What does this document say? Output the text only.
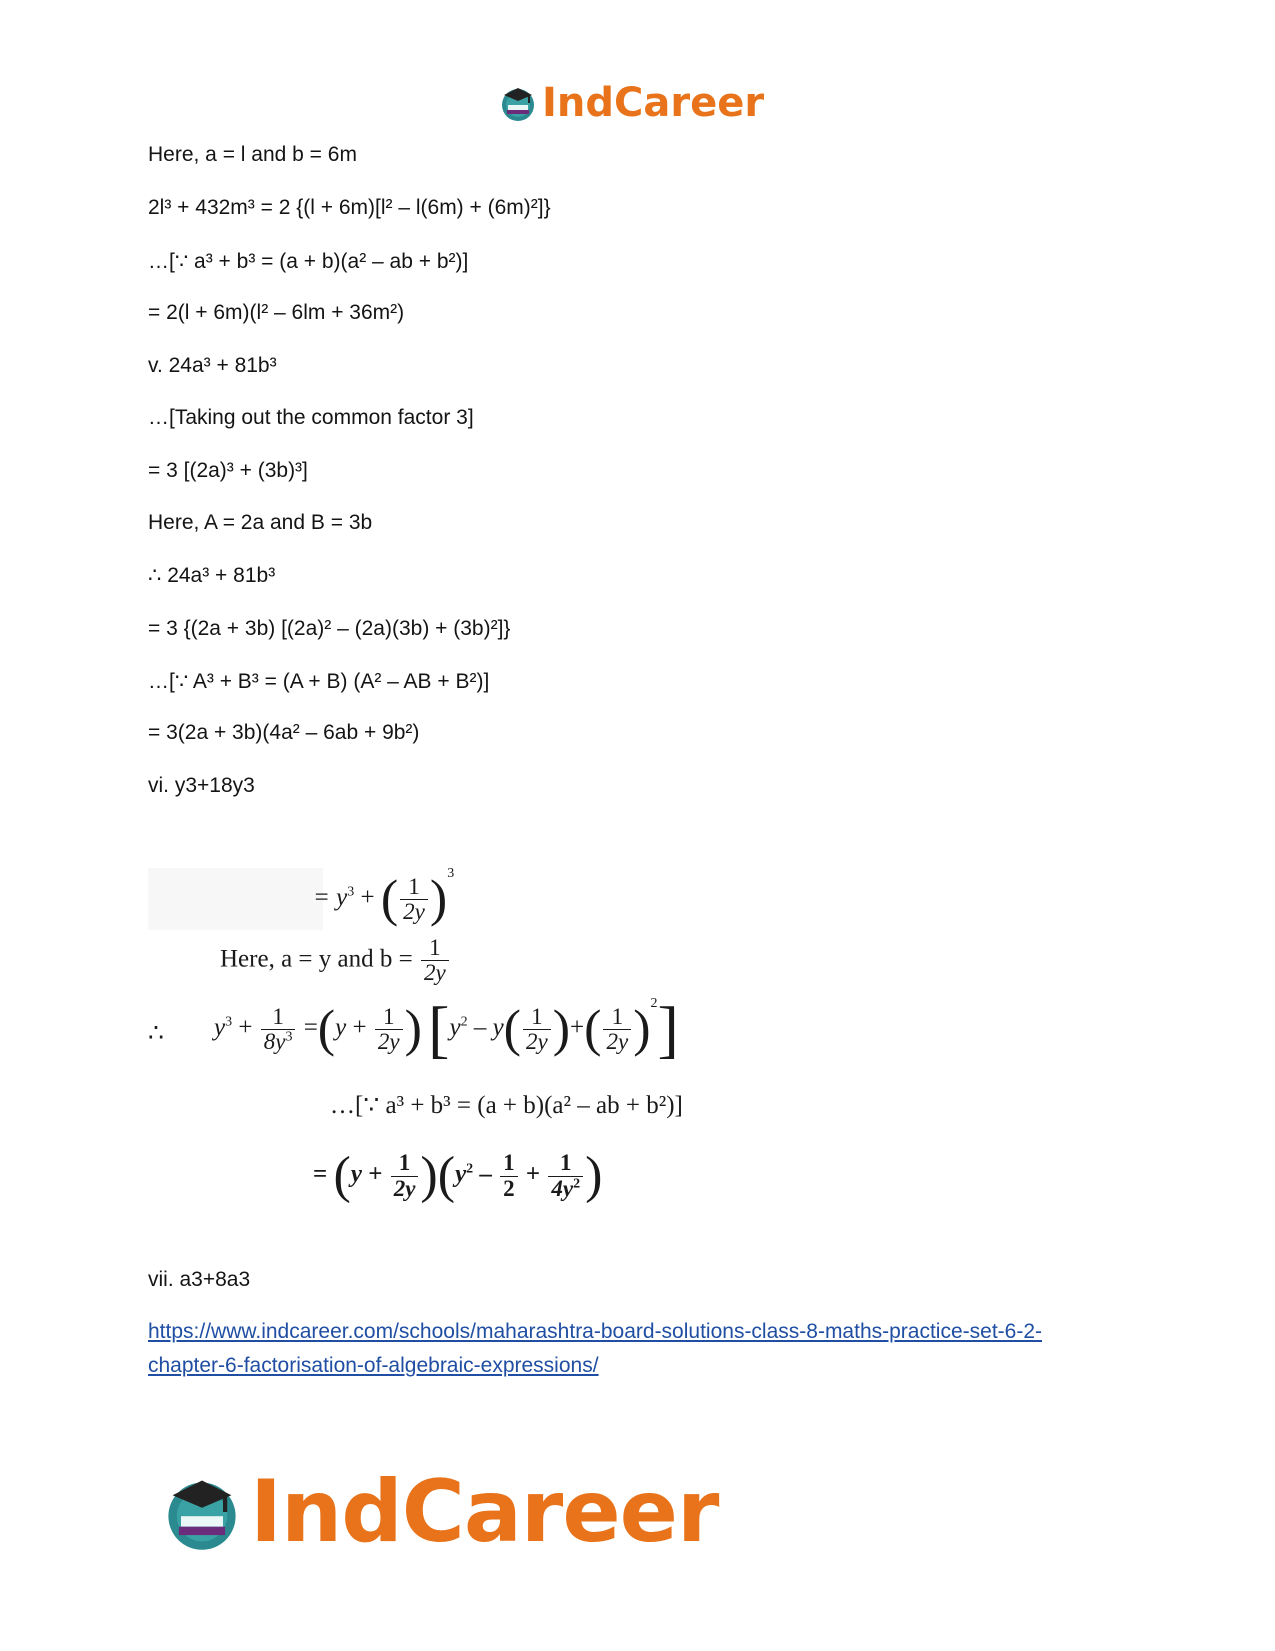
IndCareer
Here, a = l and b = 6m
2l³ + 432m³ = 2 {(l + 6m)[l² – l(6m) + (6m)²]}
…[∵ a³ + b³ = (a + b)(a² – ab + b²)]
= 2(l + 6m)(l² – 6lm + 36m²)
v. 24a³ + 81b³
…[Taking out the common factor 3]
= 3 [(2a)³ + (3b)³]
Here, A = 2a and B = 3b
∴ 24a³ + 81b³
= 3 {(2a + 3b) [(2a)² – (2a)(3b) + (3b)²]}
…[∵ A³ + B³ = (A + B) (A² – AB + B²)]
= 3(2a + 3b)(4a² – 6ab + 9b²)
vi. y3+18y3
= $y^3$ + ( $\frac{1}{2y} )^3$
Here, a = y and $b = \frac{1}{2y}$
∴ $y^3 + \frac{1}{8y^3} =(y + \frac{1}{2y}$ ) [$y^2 - y( \frac{1}{2y}$ )+( $\frac{1}{2y} )^2$]
…[∵ a³ + b³ = (a + b)(a² – ab + b²)]
= $(y + \frac{1}{2y} )(y^2 - \frac{1}{2} + \frac{1}{4y^2}$ )
vii. a3+8a3
https://www.indcareer.com/schools/maharashtra-board-solutions-class-8-maths-practice-set-6-2-
chapter-6-factorisation-of-algebraic-expressions/
IndCareer
